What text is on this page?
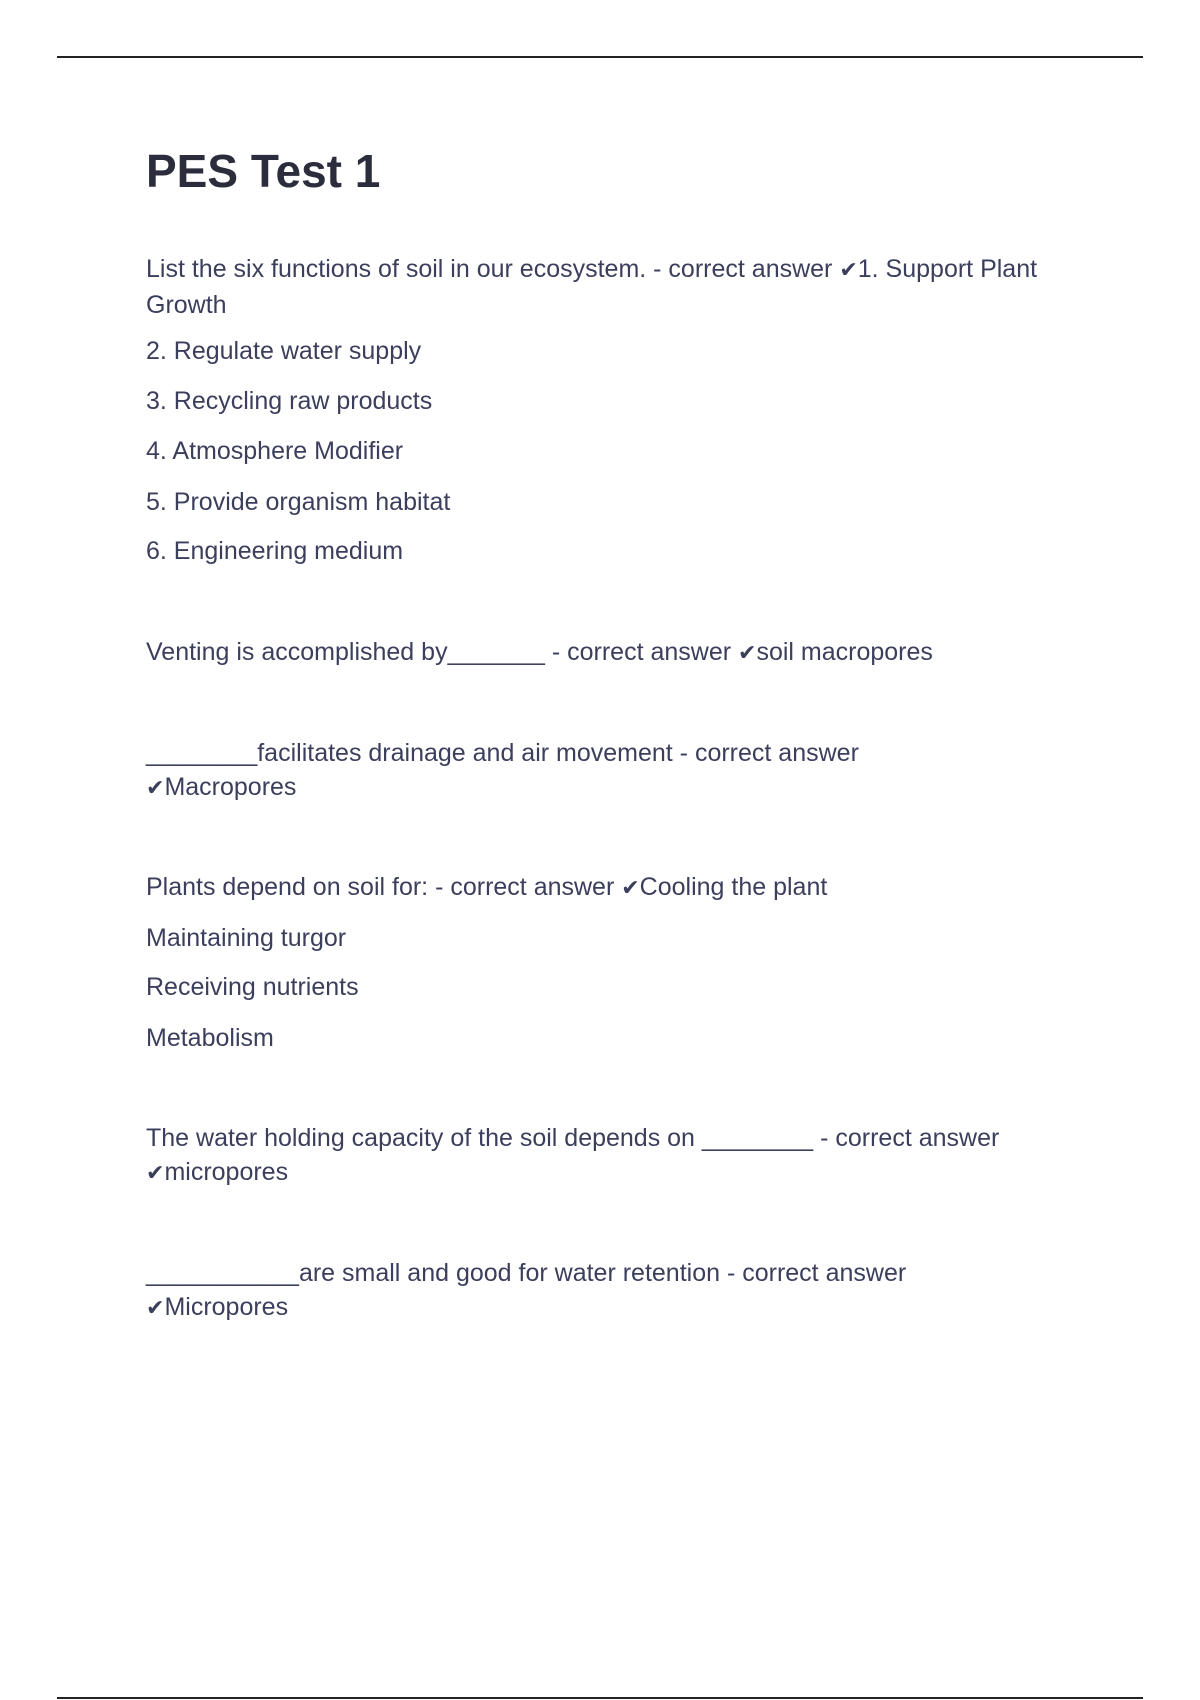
PES Test 1
List the six functions of soil in our ecosystem. - correct answer ✔1. Support Plant Growth
2. Regulate water supply
3. Recycling raw products
4. Atmosphere Modifier
5. Provide organism habitat
6. Engineering medium
Venting is accomplished by_______ - correct answer ✔soil macropores
________facilitates drainage and air movement - correct answer ✔Macropores
Plants depend on soil for: - correct answer ✔Cooling the plant
Maintaining turgor
Receiving nutrients
Metabolism
The water holding capacity of the soil depends on ________ - correct answer ✔micropores
___________are small and good for water retention - correct answer ✔Micropores
